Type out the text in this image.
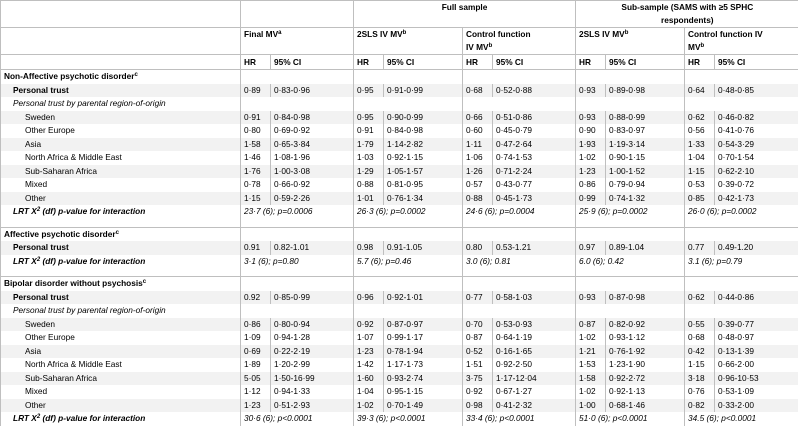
			Full sample				Sub-sample (SAMS with ≥5 SPHC			
							respondents)			
	Final $MV^a$		2SLS IV $MV^b$		Control function		2SLS IV $MV^b$		Control function IV	
					IV $MV^b$				$MV^b$
	HR	95% CI	HR	95% CI	HR	95% CI	HR	95% CI	HR	95% CI
Non-Affective psychotic disorder$^c$					
Personal trust	0·89	0·83-0·96	0·95	0·91-0·99	0·68	0·52-0·88	0·93	0·89-0·98	0·64	0·48-0·85
Personal trust by parental region-of-origin										
Sweden	0·91	0·84-0·98	0·95	0·90-0·99	0·66	0·51-0·86	0·93	0·88-0·99	0·62	0·46-0·82
Other Europe	0·80	0·69-0·92	0·91	0·84-0·98	0·60	0·45-0·79	0·90	0·83-0·97	0·56	0·41-0·76
Asia	1·58	0·65-3·84	1·79	1·14-2·82	1·11	0·47-2·64	1·93	1·19-3·14	1·33	0·54-3·29
North Africa & Middle East	1·46	1·08-1·96	1·03	0·92-1·15	1·06	0·74-1·53	1·02	0·90-1·15	1·04	0·70-1·54
Sub-Saharan Africa	1·76	1·00-3·08	1·29	1·05-1·57	1·26	0·71-2·24	1·23	1·00-1·52	1·15	0·62-2·10
Mixed	0·78	0·66-0·92	0·88	0·81-0·95	0·57	0·43-0·77	0·86	0·79-0·94	0·53	0·39-0·72
Other	1·15	0·59-2·26	1·01	0·76-1·34	0·88	0·45-1·73	0·99	0·74-1·32	0·85	0·42-1·73
LRT $X^2$ (df) p-value for interaction	23·7 (6); p=0.0006		26·3 (6); p=0.0002		24·6 (6); p=0.0004		25·9 (6); p=0.0002		26·0 (6); p=0.0002	

Affective psychotic disorder$^c$					
Personal trust	0.91	0.82-1.01	0.98	0.91-1.05	0.80	0.53-1.21	0.97	0.89-1.04	0.77	0.49-1.20
LRT $X^2$ (df) p-value for interaction	3·1 (6); p=0.80		5.7 (6); p=0.46		3.0 (6); 0.81		6.0 (6); 0.42		3.1 (6); p=0.79	

Bipolar disorder without psychosis$^c$					
Personal trust	0.92	0·85-0·99	0·96	0·92-1·01	0·77	0·58-1·03	0·93	0·87-0·98	0·62	0·44-0·86
Personal trust by parental region-of-origin										
Sweden	0·86	0·80-0·94	0·92	0·87-0·97	0·70	0·53-0·93	0·87	0·82-0·92	0·55	0·39-0·77
Other Europe	1·09	0·94-1·28	1·07	0·99-1·17	0·87	0·64-1·19	1·02	0·93-1·12	0·68	0·48-0·97
Asia	0·69	0·22-2·19	1·23	0·78-1·94	0·52	0·16-1·65	1·21	0·76-1·92	0·42	0·13-1·39
North Africa & Middle East	1·89	1·20-2·99	1·42	1·17-1·73	1·51	0·92-2·50	1·53	1·23-1·90	1·15	0·66-2·00
Sub-Saharan Africa	5·05	1·50-16·99	1·60	0·93-2·74	3·75	1·17-12·04	1·58	0·92-2·72	3·18	0·96-10·53
Mixed	1·12	0·94-1·33	1·04	0·95-1·15	0·92	0·67-1·27	1·02	0·92-1·13	0·76	0·53-1·09
Other	1·23	0·51-2·93	1·02	0·70-1·49	0·98	0·41-2·32	1·00	0·68-1·46	0·82	0·33-2·00
LRT $X^2$ (df) p-value for interaction	30·6 (6); p<0.0001		39·3 (6); p<0.0001		33·4 (6); p<0.0001		51·0 (6); p<0.0001		34.5 (6); p<0.0001	
